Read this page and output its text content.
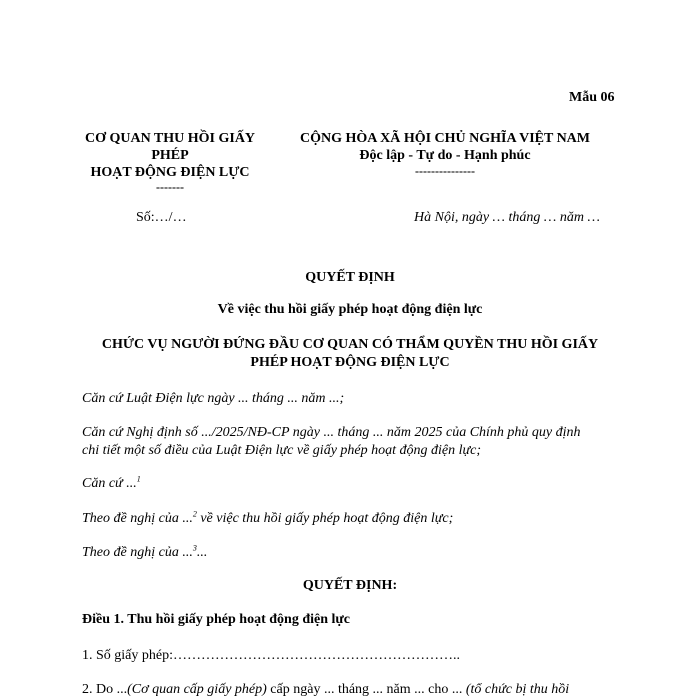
Mẫu 06
CƠ QUAN THU HỒI GIẤY
PHÉP
HOẠT ĐỘNG ĐIỆN LỰC
-------
CỘNG HÒA XÃ HỘI CHỦ NGHĨA VIỆT NAM
Độc lập - Tự do - Hạnh phúc
---------------
Số:…/…	Hà Nội, ngày … tháng … năm …
QUYẾT ĐỊNH
Về việc thu hồi giấy phép hoạt động điện lực
CHỨC VỤ NGƯỜI ĐỨNG ĐẦU CƠ QUAN CÓ THẨM QUYỀN THU HỒI GIẤY
PHÉP HOẠT ĐỘNG ĐIỆN LỰC
Căn cứ Luật Điện lực ngày ... tháng ... năm ...;
Căn cứ Nghị định số .../2025/NĐ-CP ngày ... tháng ... năm 2025 của Chính phủ quy định
chi tiết một số điều của Luật Điện lực về giấy phép hoạt động điện lực;
Căn cứ ...$^1$
Theo đề nghị của ...$^2$ về việc thu hồi giấy phép hoạt động điện lực;
Theo đề nghị của ...$^3$...
QUYẾT ĐỊNH:
Điều 1. Thu hồi giấy phép hoạt động điện lực
1. Số giấy phép:……………………………………………………..
2. Do ...(Cơ quan cấp giấy phép) cấp ngày ... tháng ... năm ... cho ... (tổ chức bị thu hồi
